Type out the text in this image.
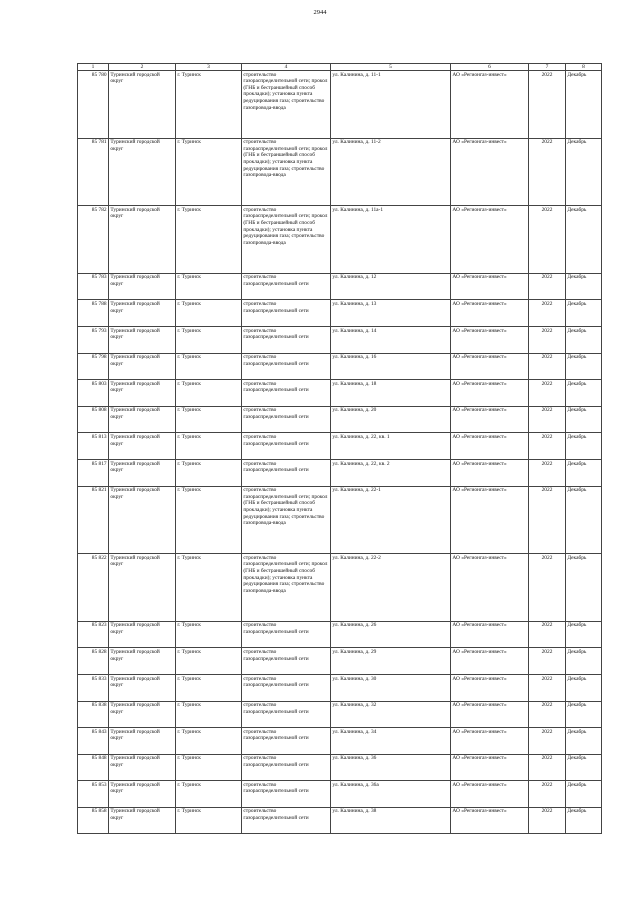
2944
1	2	3	4	5	6	7	8
85 780	Туринский городской округ	г. Туринск	строительство газораспределительной сети; прокол (ГНБ и бестраншейный способ прокладки); установка пункта редуцирования газа; строительство газопровода-ввода	ул. Калинина, д. 11-1	АО «Регионгаз-инвест»	2022	Декабрь
85 781	Туринский городской округ	г. Туринск	строительство газораспределительной сети; прокол (ГНБ и бестраншейный способ прокладки); установка пункта редуцирования газа; строительство газопровода-ввода	ул. Калинина, д. 11-2	АО «Регионгаз-инвест»	2022	Декабрь
85 782	Туринский городской округ	г. Туринск	строительство газораспределительной сети; прокол (ГНБ и бестраншейный способ прокладки); установка пункта редуцирования газа; строительство газопровода-ввода	ул. Калинина, д. 11а-1	АО «Регионгаз-инвест»	2022	Декабрь
85 783	Туринский городской округ	г. Туринск	строительство газораспределительной сети	ул. Калинина, д. 12	АО «Регионгаз-инвест»	2022	Декабрь
85 788	Туринский городской округ	г. Туринск	строительство газораспределительной сети	ул. Калинина, д. 13	АО «Регионгаз-инвест»	2022	Декабрь
85 793	Туринский городской округ	г. Туринск	строительство газораспределительной сети	ул. Калинина, д. 14	АО «Регионгаз-инвест»	2022	Декабрь
85 798	Туринский городской округ	г. Туринск	строительство газораспределительной сети	ул. Калинина, д. 16	АО «Регионгаз-инвест»	2022	Декабрь
85 803	Туринский городской округ	г. Туринск	строительство газораспределительной сети	ул. Калинина, д. 18	АО «Регионгаз-инвест»	2022	Декабрь
85 808	Туринский городской округ	г. Туринск	строительство газораспределительной сети	ул. Калинина, д. 20	АО «Регионгаз-инвест»	2022	Декабрь
85 813	Туринский городской округ	г. Туринск	строительство газораспределительной сети	ул. Калинина, д. 22, кв. 1	АО «Регионгаз-инвест»	2022	Декабрь
85 817	Туринский городской округ	г. Туринск	строительство газораспределительной сети	ул. Калинина, д. 22, кв. 2	АО «Регионгаз-инвест»	2022	Декабрь
85 821	Туринский городской округ	г. Туринск	строительство газораспределительной сети; прокол (ГНБ и бестраншейный способ прокладки); установка пункта редуцирования газа; строительство газопровода-ввода	ул. Калинина, д. 22-1	АО «Регионгаз-инвест»	2022	Декабрь
85 822	Туринский городской округ	г. Туринск	строительство газораспределительной сети; прокол (ГНБ и бестраншейный способ прокладки); установка пункта редуцирования газа; строительство газопровода-ввода	ул. Калинина, д. 22-2	АО «Регионгаз-инвест»	2022	Декабрь
85 823	Туринский городской округ	г. Туринск	строительство газораспределительной сети	ул. Калинина, д. 26	АО «Регионгаз-инвест»	2022	Декабрь
85 828	Туринский городской округ	г. Туринск	строительство газораспределительной сети	ул. Калинина, д. 29	АО «Регионгаз-инвест»	2022	Декабрь
85 833	Туринский городской округ	г. Туринск	строительство газораспределительной сети	ул. Калинина, д. 30	АО «Регионгаз-инвест»	2022	Декабрь
85 838	Туринский городской округ	г. Туринск	строительство газораспределительной сети	ул. Калинина, д. 32	АО «Регионгаз-инвест»	2022	Декабрь
85 843	Туринский городской округ	г. Туринск	строительство газораспределительной сети	ул. Калинина, д. 34	АО «Регионгаз-инвест»	2022	Декабрь
85 848	Туринский городской округ	г. Туринск	строительство газораспределительной сети	ул. Калинина, д. 36	АО «Регионгаз-инвест»	2022	Декабрь
85 853	Туринский городской округ	г. Туринск	строительство газораспределительной сети	ул. Калинина, д. 36а	АО «Регионгаз-инвест»	2022	Декабрь
85 858	Туринский городской округ	г. Туринск	строительство газораспределительной сети	ул. Калинина, д. 38	АО «Регионгаз-инвест»	2022	Декабрь
